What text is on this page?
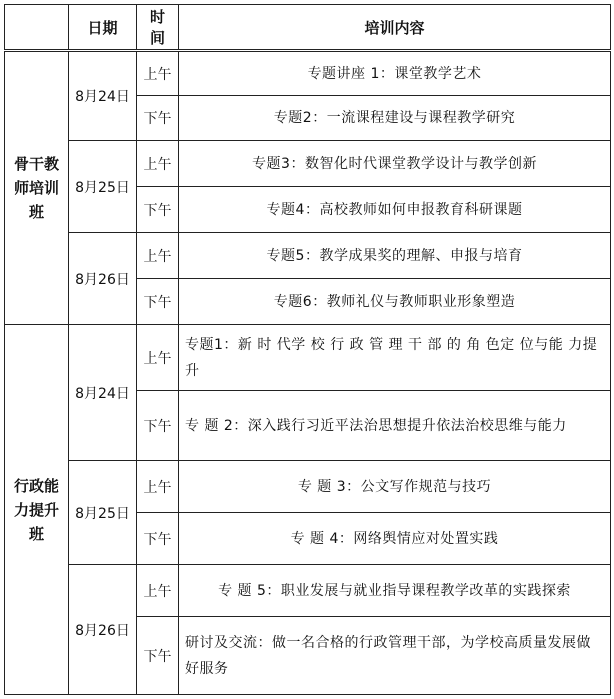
	日期	时间	培训内容
骨干教师培训班	8月24日	上午	专题讲座 1：课堂教学艺术
		下午	专题2：一流课程建设与课程教学研究
	8月25日	上午	专题3：数智化时代课堂教学设计与教学创新
		下午	专题4：高校教师如何申报教育科研课题
	8月26日	上午	专题5：教学成果奖的理解、申报与培育
		下午	专题6：教师礼仪与教师职业形象塑造
行政能力提升班	8月24日	上午	专题1：新 时 代学 校 行 政 管 理 干 部 的 角 色定 位与能 力提 升
		下午	专 题 2：深入践行习近平法治思想提升依法治校思维与能力
	8月25日	上午	专 题 3：公文写作规范与技巧
		下午	专 题 4：网络舆情应对处置实践
	8月26日	上午	专 题 5：职业发展与就业指导课程教学改革的实践探索
		下午	研讨及交流：做一名合格的行政管理干部，为学校高质量发展做好服务
